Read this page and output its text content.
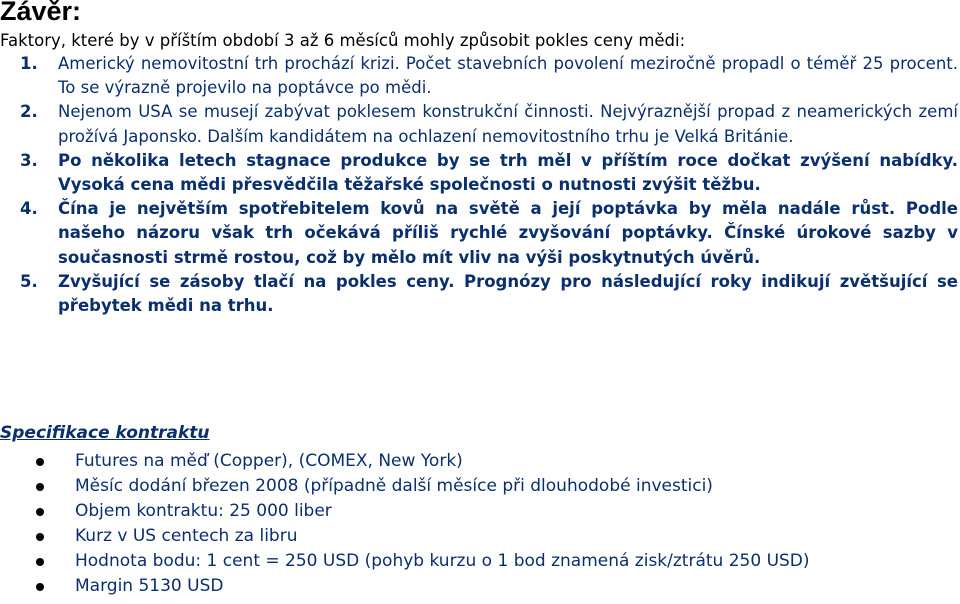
Závěr:

Faktory, které by v příštím období 3 až 6 měsíců mohly způsobit pokles ceny mědi:

1. Americký nemovitostní trh prochází krizi. Počet stavebních povolení meziročně propadl o téměř 25 procent. To se výrazně projevilo na poptávce po mědi.
2. Nejenom USA se musejí zabývat poklesem konstrukční činnosti. Nejvýraznější propad z neamerických zemí prožívá Japonsko. Dalším kandidátem na ochlazení nemovitostního trhu je Velká Británie.
3. Po několika letech stagnace produkce by se trh měl v příštím roce dočkat zvýšení nabídky. Vysoká cena mědi přesvědčila těžařské společnosti o nutnosti zvýšit těžbu.
4. Čína je největším spotřebitelem kovů na světě a její poptávka by měla nadále růst. Podle našeho názoru však trh očekává příliš rychlé zvyšování poptávky. Čínské úrokové sazby v současnosti strmě rostou, což by mělo mít vliv na výši poskytnutých úvěrů.
5. Zvyšující se zásoby tlačí na pokles ceny. Prognózy pro následující roky indikují zvětšující se přebytek mědi na trhu.
Specifikace kontraktu
Futures na měď (Copper), (COMEX, New York)
Měsíc dodání březen 2008 (případně další měsíce při dlouhodobé investici)
Objem kontraktu: 25 000 liber
Kurz v US centech za libru
Hodnota bodu: 1 cent = 250 USD (pohyb kurzu o 1 bod znamená zisk/ztrátu 250 USD)
Margin 5130 USD
